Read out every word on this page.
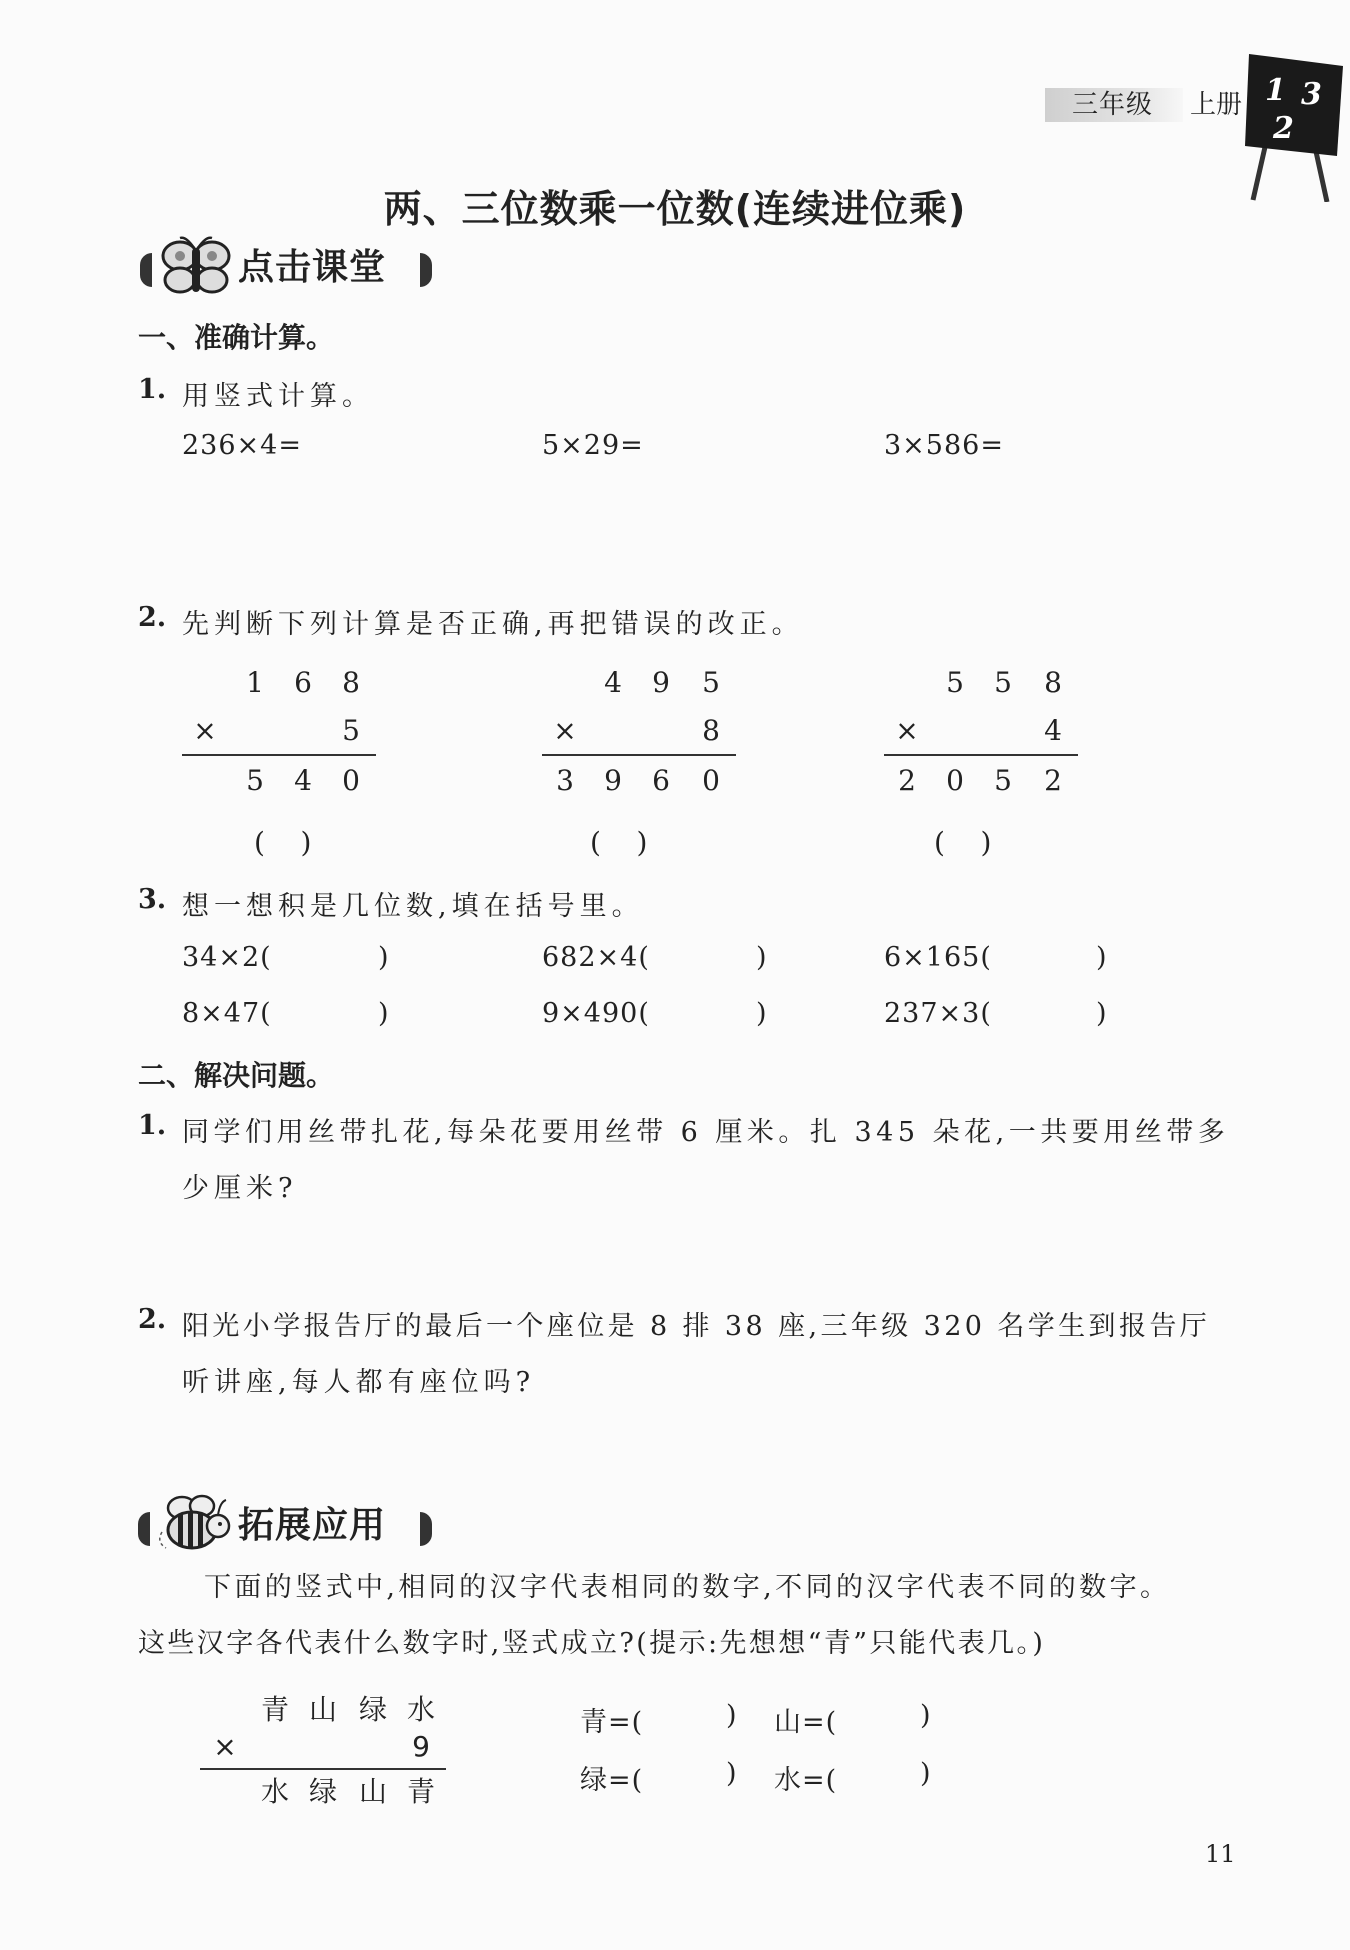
三年级 上册 1 3
2
两、三位数乘一位数(连续进位乘)
点击课堂
一、准确计算。
1. 用竖式计算。
236×4=	5×29=	3×586=
2. 先判断下列计算是否正确,再把错误的改正。
1 6 8
×	5
5 4 0
(    )
4 9 5
×	8
3 9 6 0
(    )
5 5 8
×	4
2 0 5 2
(    )
3. 想一想积是几位数,填在括号里。
34×2(	)	682×4(	)	6×165(	)
8×47(	)	9×490(	)	237×3(	)
二、解决问题。
1. 同学们用丝带扎花,每朵花要用丝带 6 厘米。扎 345 朵花,一共要用丝带多
少厘米?
2. 阳光小学报告厅的最后一个座位是 8 排 38 座,三年级 320 名学生到报告厅
听讲座,每人都有座位吗?
拓展应用
下面的竖式中,相同的汉字代表相同的数字,不同的汉字代表不同的数字。
这些汉字各代表什么数字时,竖式成立?(提示:先想想“青”只能代表几。)
青 山 绿 水
×	9
水 绿 山 青
青=(	) 山=(	)
绿=(	) 水=(	)
11
